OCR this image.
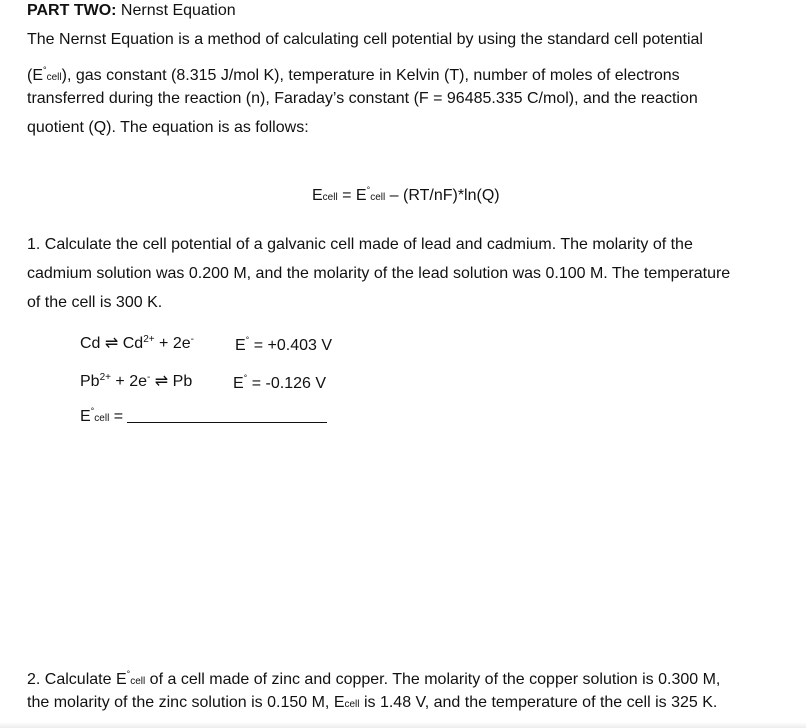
PART TWO: Nernst Equation
The Nernst Equation is a method of calculating cell potential by using the standard cell potential
(E°cell), gas constant (8.315 J/mol K), temperature in Kelvin (T), number of moles of electrons
transferred during the reaction (n), Faraday’s constant (F = 96485.335 C/mol), and the reaction
quotient (Q). The equation is as follows:
Ecell = E°cell – (RT/nF)*ln(Q)
1. Calculate the cell potential of a galvanic cell made of lead and cadmium. The molarity of the
cadmium solution was 0.200 M, and the molarity of the lead solution was 0.100 M. The temperature
of the cell is 300 K.
Cd ⇌ $Cd^{2+} + 2e^-$	E° = +0.403 V
$Pb^{2+} + 2e^-$ ⇌ Pb	E° = -0.126 V
E°cell =
2. Calculate E°cell of a cell made of zinc and copper. The molarity of the copper solution is 0.300 M,
the molarity of the zinc solution is 0.150 M, Ecell is 1.48 V, and the temperature of the cell is 325 K.
